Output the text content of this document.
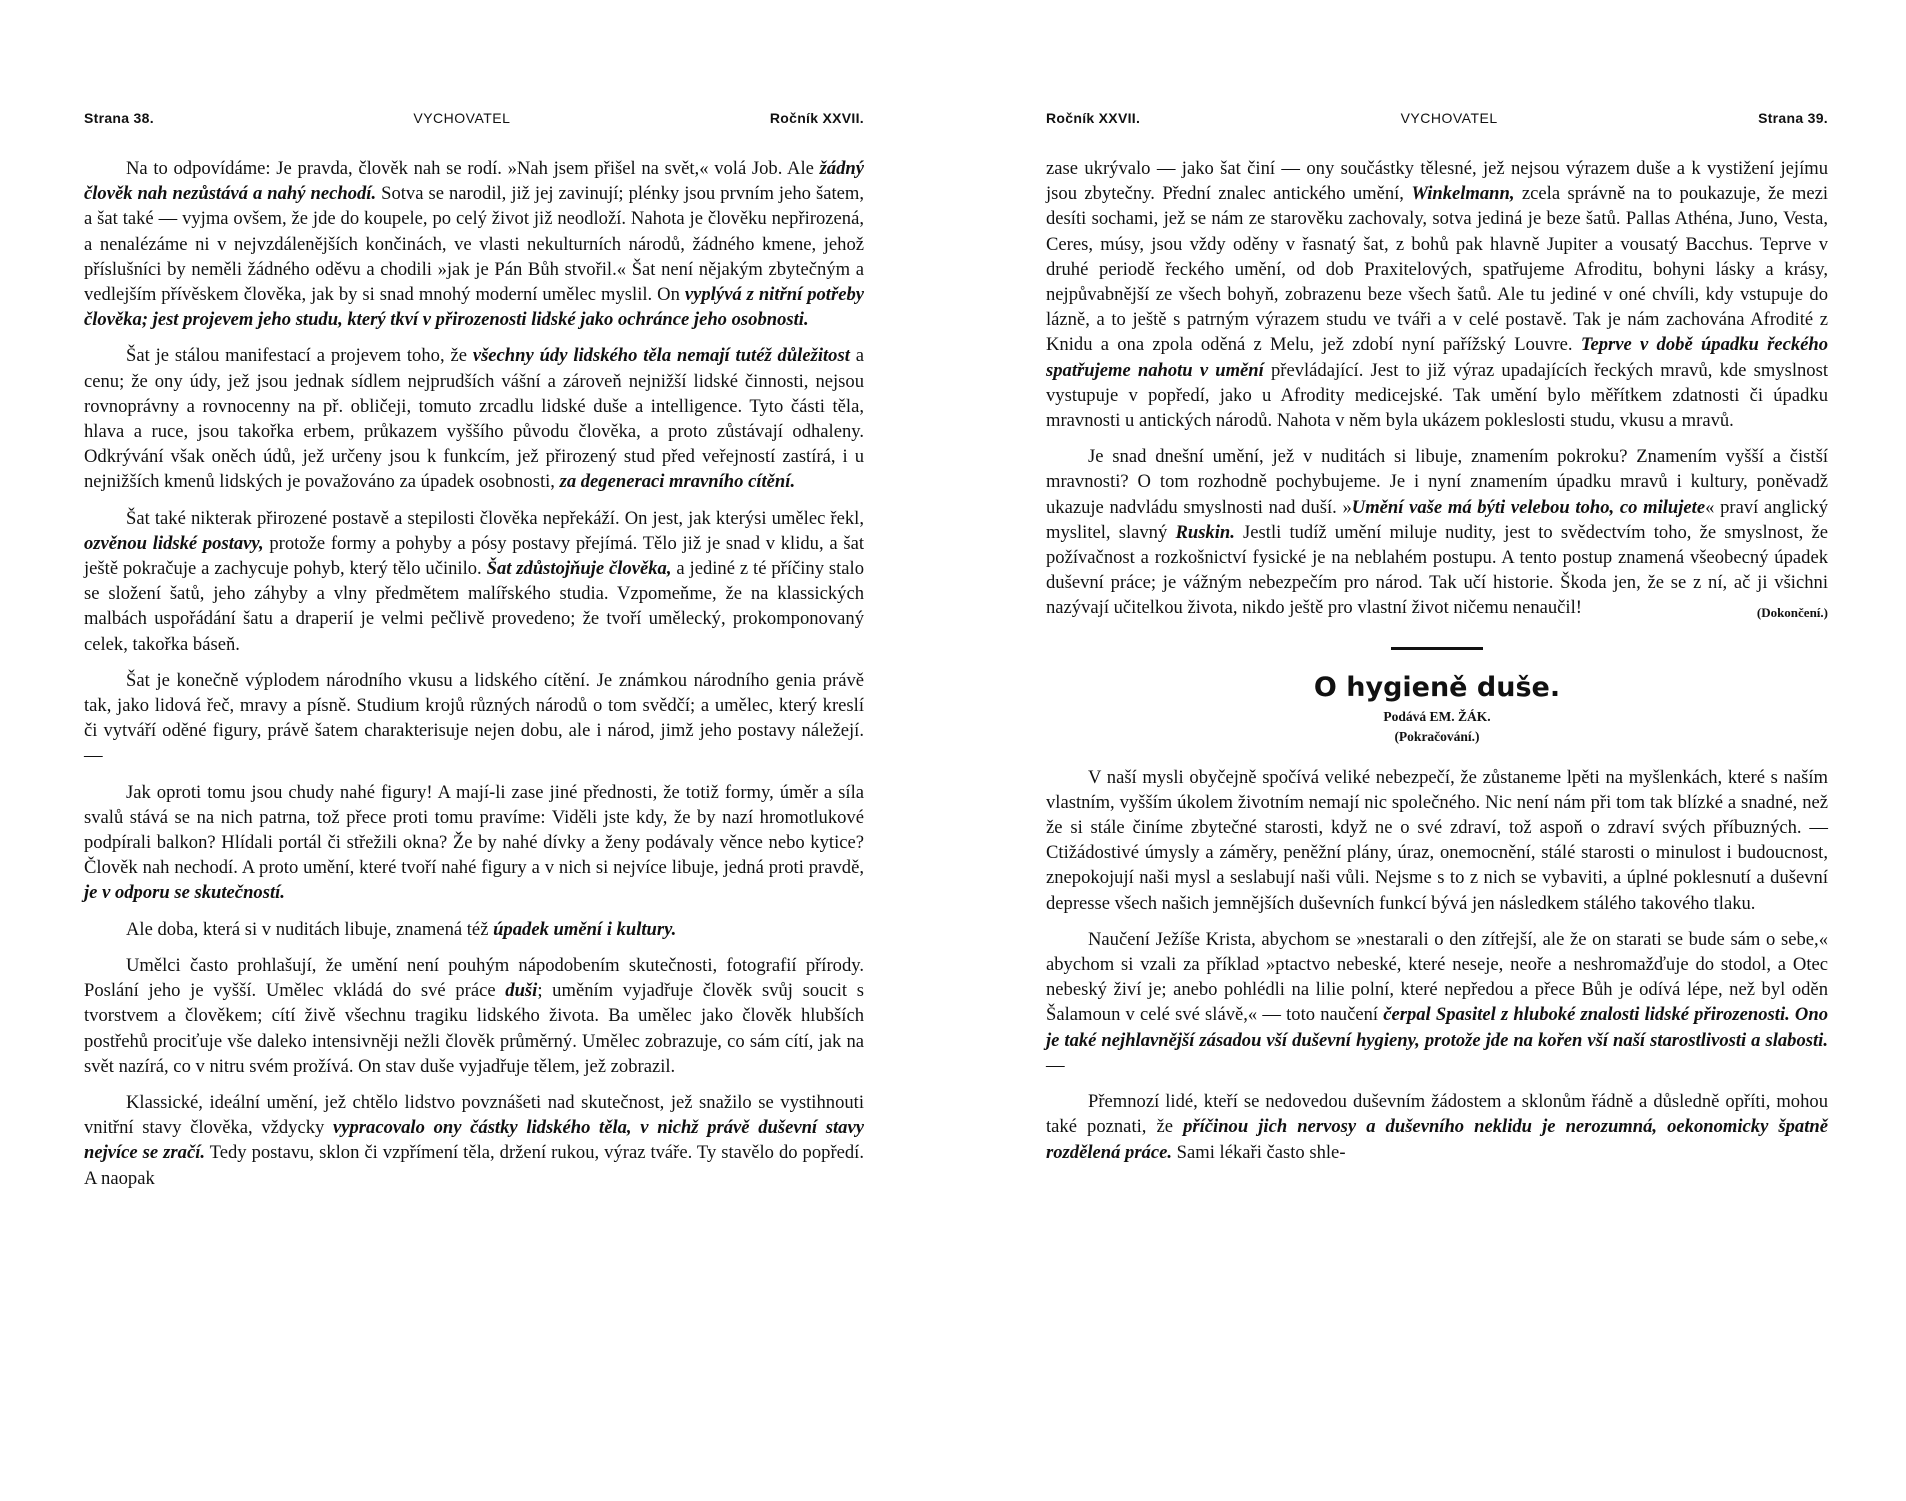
Strana 38.	VYCHOVATEL	Ročník XXVII.

Na to odpovídáme: Je pravda, člověk nah se rodí. »Nah jsem přišel na svět,« volá Job. Ale žádný člověk nah nezůstává a nahý nechodí. Sotva se narodil, již jej zavinují; plénky jsou prvním jeho šatem, a šat také — vyjma ovšem, že jde do koupele, po celý život již neodloží. Nahota je člověku nepřirozená, a nenalézáme ni v nejvzdálenějších končinách, ve vlasti nekulturních národů, žádného kmene, jehož příslušníci by neměli žádného oděvu a chodili »jak je Pán Bůh stvořil.« Šat není nějakým zbytečným a vedlejším přívěskem člověka, jak by si snad mnohý moderní umělec myslil. On vyplývá z nitřní potřeby člověka; jest projevem jeho studu, který tkví v přirozenosti lidské jako ochránce jeho osobnosti.

Šat je stálou manifestací a projevem toho, že všechny údy lidského těla nemají tutéž důležitost a cenu; že ony údy, jež jsou jednak sídlem nejprudších vášní a zároveň nejnižší lidské činnosti, nejsou rovnoprávny a rovnocenny na př. obličeji, tomuto zrcadlu lidské duše a intelligence. Tyto části těla, hlava a ruce, jsou takořka erbem, průkazem vyššího původu člověka, a proto zůstávají odhaleny. Odkrývání však oněch údů, jež určeny jsou k funkcím, jež přirozený stud před veřejností zastírá, i u nejnižších kmenů lidských je považováno za úpadek osobnosti, za degeneraci mravního cítění.

Šat také nikterak přirozené postavě a stepilosti člověka nepřekáží. On jest, jak kterýsi umělec řekl, ozvěnou lidské postavy, protože formy a pohyby a pósy postavy přejímá. Tělo již je snad v klidu, a šat ještě pokračuje a zachycuje pohyb, který tělo učinilo. Šat zdůstojňuje člověka, a jediné z té příčiny stalo se složení šatů, jeho záhyby a vlny předmětem malířského studia. Vzpomeňme, že na klassických malbách uspořádání šatu a draperií je velmi pečlivě provedeno; že tvoří umělecký, prokomponovaný celek, takořka báseň.

Šat je konečně výplodem národního vkusu a lidského cítění. Je známkou národního genia právě tak, jako lidová řeč, mravy a písně. Studium krojů různých národů o tom svědčí; a umělec, který kreslí či vytváří oděné figury, právě šatem charakterisuje nejen dobu, ale i národ, jimž jeho postavy náležejí. —

Jak oproti tomu jsou chudy nahé figury! A mají-li zase jiné přednosti, že totiž formy, úměr a síla svalů stává se na nich patrna, tož přece proti tomu pravíme: Viděli jste kdy, že by nazí hromotlukové podpírali balkon? Hlídali portál či střežili okna? Že by nahé dívky a ženy podávaly věnce nebo kytice? Člověk nah nechodí. A proto umění, které tvoří nahé figury a v nich si nejvíce libuje, jedná proti pravdě, je v odporu se skutečností.

Ale doba, která si v nuditách libuje, znamená též úpadek umění i kultury.

Umělci často prohlašují, že umění není pouhým nápodobením skutečnosti, fotografií přírody. Poslání jeho je vyšší. Umělec vkládá do své práce duši; uměním vyjadřuje člověk svůj soucit s tvorstvem a člověkem; cítí živě všechnu tragiku lidského života. Ba umělec jako člověk hlubších postřehů prociťuje vše daleko intensivněji nežli člověk průměrný. Umělec zobrazuje, co sám cítí, jak na svět nazírá, co v nitru svém prožívá. On stav duše vyjadřuje tělem, jež zobrazil.

Klassické, ideální umění, jež chtělo lidstvo povznášeti nad skutečnost, jež snažilo se vystihnouti vnitřní stavy člověka, vždycky vypracovalo ony částky lidského těla, v nichž právě duševní stavy nejvíce se zračí. Tedy postavu, sklon či vzpřímení těla, držení rukou, výraz tváře. Ty stavělo do popředí. A naopak

Ročník XXVII.	VYCHOVATEL	Strana 39.

zase ukrývalo — jako šat činí — ony součástky tělesné, jež nejsou výrazem duše a k vystižení jejímu jsou zbytečny. Přední znalec antického umění, Winkelmann, zcela správně na to poukazuje, že mezi desíti sochami, jež se nám ze starověku zachovaly, sotva jediná je beze šatů. Pallas Athéna, Juno, Vesta, Ceres, músy, jsou vždy oděny v řasnatý šat, z bohů pak hlavně Jupiter a vousatý Bacchus. Teprve v druhé periodě řeckého umění, od dob Praxitelových, spatřujeme Afroditu, bohyni lásky a krásy, nejpůvabnější ze všech bohyň, zobrazenu beze všech šatů. Ale tu jediné v oné chvíli, kdy vstupuje do lázně, a to ještě s patrným výrazem studu ve tváři a v celé postavě. Tak je nám zachována Afrodité z Knidu a ona zpola oděná z Melu, jež zdobí nyní pařížský Louvre. Teprve v době úpadku řeckého spatřujeme nahotu v umění převládající. Jest to již výraz upadajících řeckých mravů, kde smyslnost vystupuje v popředí, jako u Afrodity medicejské. Tak umění bylo měřítkem zdatnosti či úpadku mravnosti u antických národů. Nahota v něm byla ukázem pokleslosti studu, vkusu a mravů.

Je snad dnešní umění, jež v nuditách si libuje, znamením pokroku? Znamením vyšší a čistší mravnosti? O tom rozhodně pochybujeme. Je i nyní znamením úpadku mravů i kultury, poněvadž ukazuje nadvládu smyslnosti nad duší. »Umění vaše má býti velebou toho, co milujete« praví anglický myslitel, slavný Ruskin. Jestli tudíž umění miluje nudity, jest to svědectvím toho, že smyslnost, že požívačnost a rozkošnictví fysické je na neblahém postupu. A tento postup znamená všeobecný úpadek duševní práce; je vážným nebezpečím pro národ. Tak učí historie. Škoda jen, že se z ní, ač ji všichni nazývají učitelkou života, nikdo ještě pro vlastní život ničemu nenaučil!	(Dokončení.)

O hygieně duše.
Podává EM. ŽÁK.
(Pokračování.)

V naší mysli obyčejně spočívá veliké nebezpečí, že zůstaneme lpěti na myšlenkách, které s naším vlastním, vyšším úkolem životním nemají nic společného. Nic není nám při tom tak blízké a snadné, než že si stále činíme zbytečné starosti, když ne o své zdraví, tož aspoň o zdraví svých příbuzných. — Ctižádostivé úmysly a záměry, peněžní plány, úraz, onemocnění, stálé starosti o minulost i budoucnost, znepokojují naši mysl a seslabují naši vůli. Nejsme s to z nich se vybaviti, a úplné poklesnutí a duševní depresse všech našich jemnějších duševních funkcí bývá jen následkem stálého takového tlaku.

Naučení Ježíše Krista, abychom se »nestarali o den zítřejší, ale že on starati se bude sám o sebe,« abychom si vzali za příklad »ptactvo nebeské, které neseje, neoře a neshromažďuje do stodol, a Otec nebeský živí je; anebo pohlédli na lilie polní, které nepředou a přece Bůh je odívá lépe, než byl oděn Šalamoun v celé své slávě,« — toto naučení čerpal Spasitel z hluboké znalosti lidské přirozenosti. Ono je také nejhlavnější zásadou vší duševní hygieny, protože jde na kořen vší naší starostlivosti a slabosti. —

Přemnozí lidé, kteří se nedovedou duševním žádostem a sklonům řádně a důsledně opříti, mohou také poznati, že příčinou jich nervosy a duševního neklidu je nerozumná, oekonomicky špatně rozdělená práce. Sami lékaři často shle-
